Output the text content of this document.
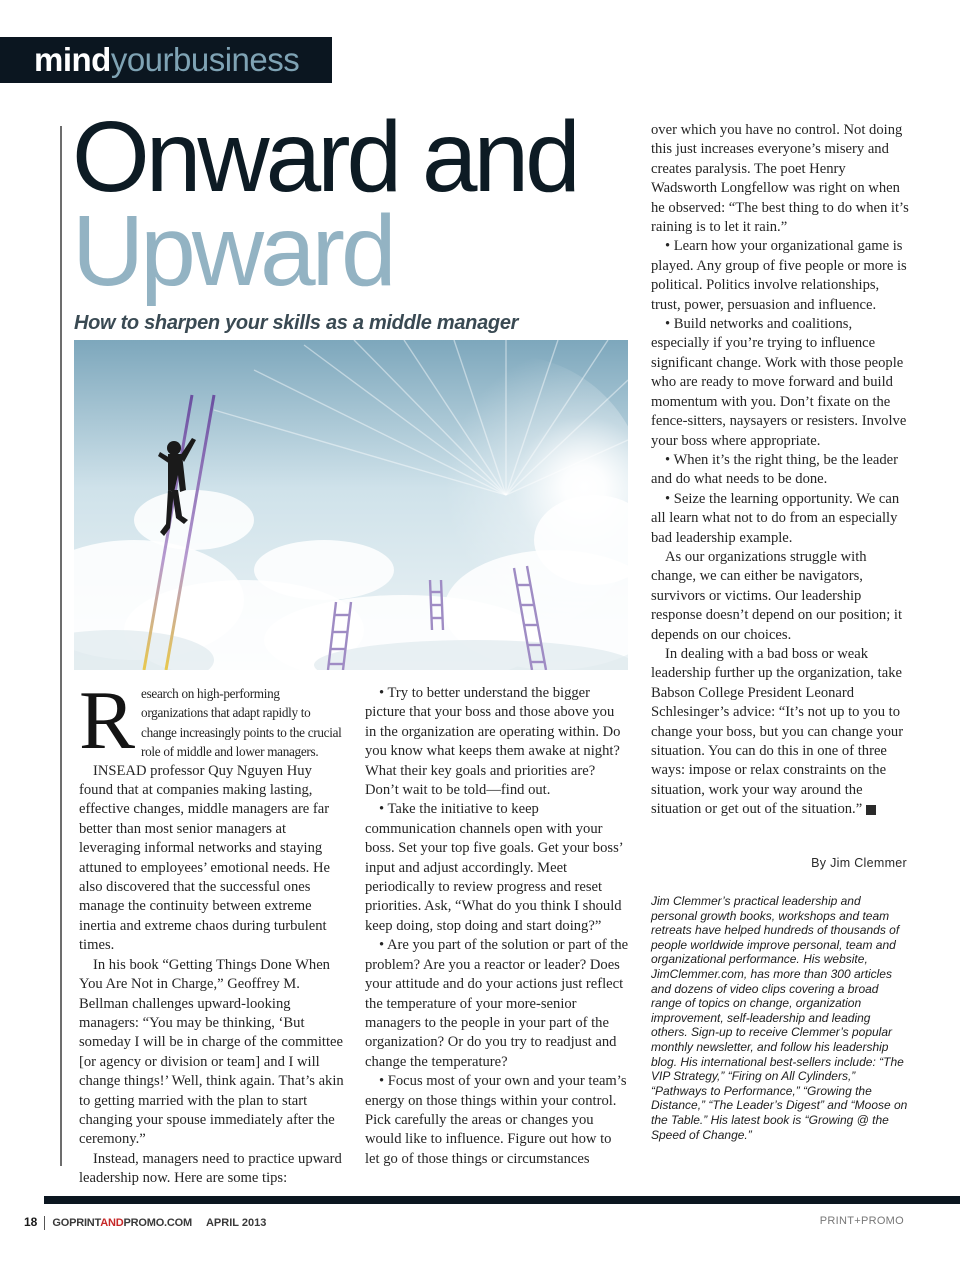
mindyourbusiness
Onward and
Upward
How to sharpen your skills as a middle manager
R esearch on high-performing organizations that adapt rapidly to change increasingly points to the crucial role of middle and lower managers.

INSEAD professor Quy Nguyen Huy found that at companies making lasting, effective changes, middle managers are far better than most senior managers at leveraging informal networks and staying attuned to employees’ emotional needs. He also discovered that the successful ones manage the continuity between extreme inertia and extreme chaos during turbulent times.

In his book “Getting Things Done When You Are Not in Charge,” Geoffrey M. Bellman challenges upward-looking managers: “You may be thinking, ‘But someday I will be in charge of the committee [or agency or division or team] and I will change things!’ Well, think again. That’s akin to getting married with the plan to start changing your spouse immediately after the ceremony.”

Instead, managers need to practice upward leadership now. Here are some tips:

• Try to better understand the bigger picture that your boss and those above you in the organization are operating within. Do you know what keeps them awake at night? What their key goals and priorities are? Don’t wait to be told—find out.

• Take the initiative to keep communication channels open with your boss. Set your top five goals. Get your boss’ input and adjust accordingly. Meet periodically to review progress and reset priorities. Ask, “What do you think I should keep doing, stop doing and start doing?”

• Are you part of the solution or part of the problem? Are you a reactor or leader? Does your attitude and do your actions just reflect the temperature of your more-senior managers to the people in your part of the organization? Or do you try to readjust and change the temperature?

• Focus most of your own and your team’s energy on those things within your control. Pick carefully the areas or changes you would like to influence. Figure out how to let go of those things or circumstances

over which you have no control. Not doing this just increases everyone’s misery and creates paralysis. The poet Henry Wadsworth Longfellow was right on when he observed: “The best thing to do when it’s raining is to let it rain.”

• Learn how your organizational game is played. Any group of five people or more is political. Politics involve relationships, trust, power, persuasion and influence.

• Build networks and coalitions, especially if you’re trying to influence significant change. Work with those people who are ready to move forward and build momentum with you. Don’t fixate on the fence-sitters, naysayers or resisters. Involve your boss where appropriate.

• When it’s the right thing, be the leader and do what needs to be done.

• Seize the learning opportunity. We can all learn what not to do from an especially bad leadership example.

As our organizations struggle with change, we can either be navigators, survivors or victims. Our leadership response doesn’t depend on our position; it depends on our choices.

In dealing with a bad boss or weak leadership further up the organization, take Babson College President Leonard Schlesinger’s advice: “It’s not up to you to change your boss, but you can change your situation. You can do this in one of three ways: impose or relax constraints on the situation, work your way around the situation or get out of the situation.” +

By Jim Clemmer
Jim Clemmer’s practical leadership and personal growth books, workshops and team retreats have helped hundreds of thousands of people worldwide improve personal, team and organizational performance. His website, JimClemmer.com, has more than 300 articles and dozens of video clips covering a broad range of topics on change, organization improvement, self-leadership and leading others. Sign-up to receive Clemmer’s popular monthly newsletter, and follow his leadership blog. His international best-sellers include: “The VIP Strategy,” “Firing on All Cylinders,” “Pathways to Performance,” “Growing the Distance,” “The Leader’s Digest” and “Moose on the Table.” His latest book is “Growing @ the Speed of Change.”
18 GOPRINTANDPROMO.COM APRIL 2013	PRINT+PROMO
